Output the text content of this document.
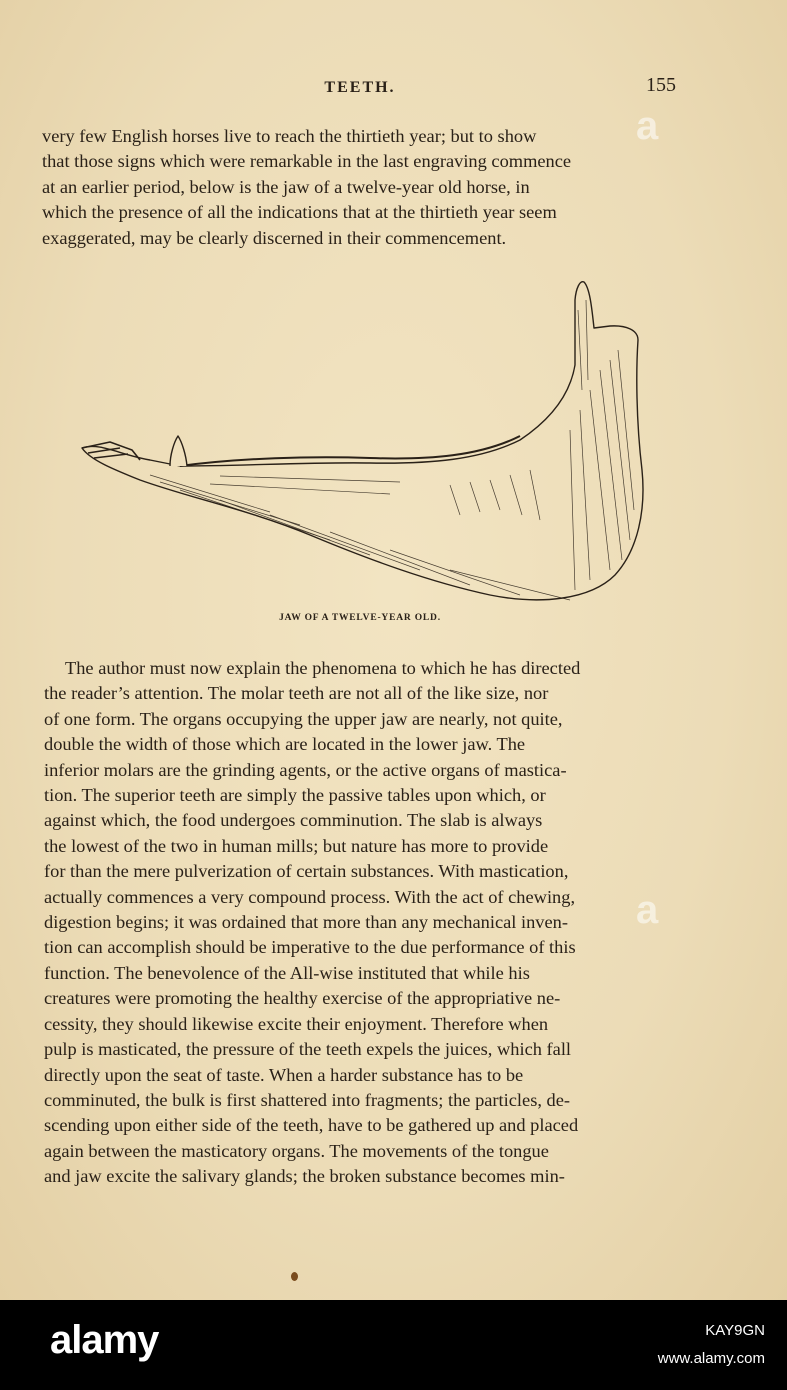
TEETH.	155
very few English horses live to reach the thirtieth year; but to show
that those signs which were remarkable in the last engraving commence
at an earlier period, below is the jaw of a twelve-year old horse, in
which the presence of all the indications that at the thirtieth year seem
exaggerated, may be clearly discerned in their commencement.
JAW OF A TWELVE-YEAR OLD.
The author must now explain the phenomena to which he has directed
the reader’s attention. The molar teeth are not all of the like size, nor
of one form. The organs occupying the upper jaw are nearly, not quite,
double the width of those which are located in the lower jaw. The
inferior molars are the grinding agents, or the active organs of mastica-
tion. The superior teeth are simply the passive tables upon which, or
against which, the food undergoes comminution. The slab is always
the lowest of the two in human mills; but nature has more to provide
for than the mere pulverization of certain substances. With mastication,
actually commences a very compound process. With the act of chewing,
digestion begins; it was ordained that more than any mechanical inven-
tion can accomplish should be imperative to the due performance of this
function. The benevolence of the All-wise instituted that while his
creatures were promoting the healthy exercise of the appropriative ne-
cessity, they should likewise excite their enjoyment. Therefore when
pulp is masticated, the pressure of the teeth expels the juices, which fall
directly upon the seat of taste. When a harder substance has to be
comminuted, the bulk is first shattered into fragments; the particles, de-
scending upon either side of the teeth, have to be gathered up and placed
again between the masticatory organs. The movements of the tongue
and jaw excite the salivary glands; the broken substance becomes min-
a
a
alamy	KAY9GN
www.alamy.com
